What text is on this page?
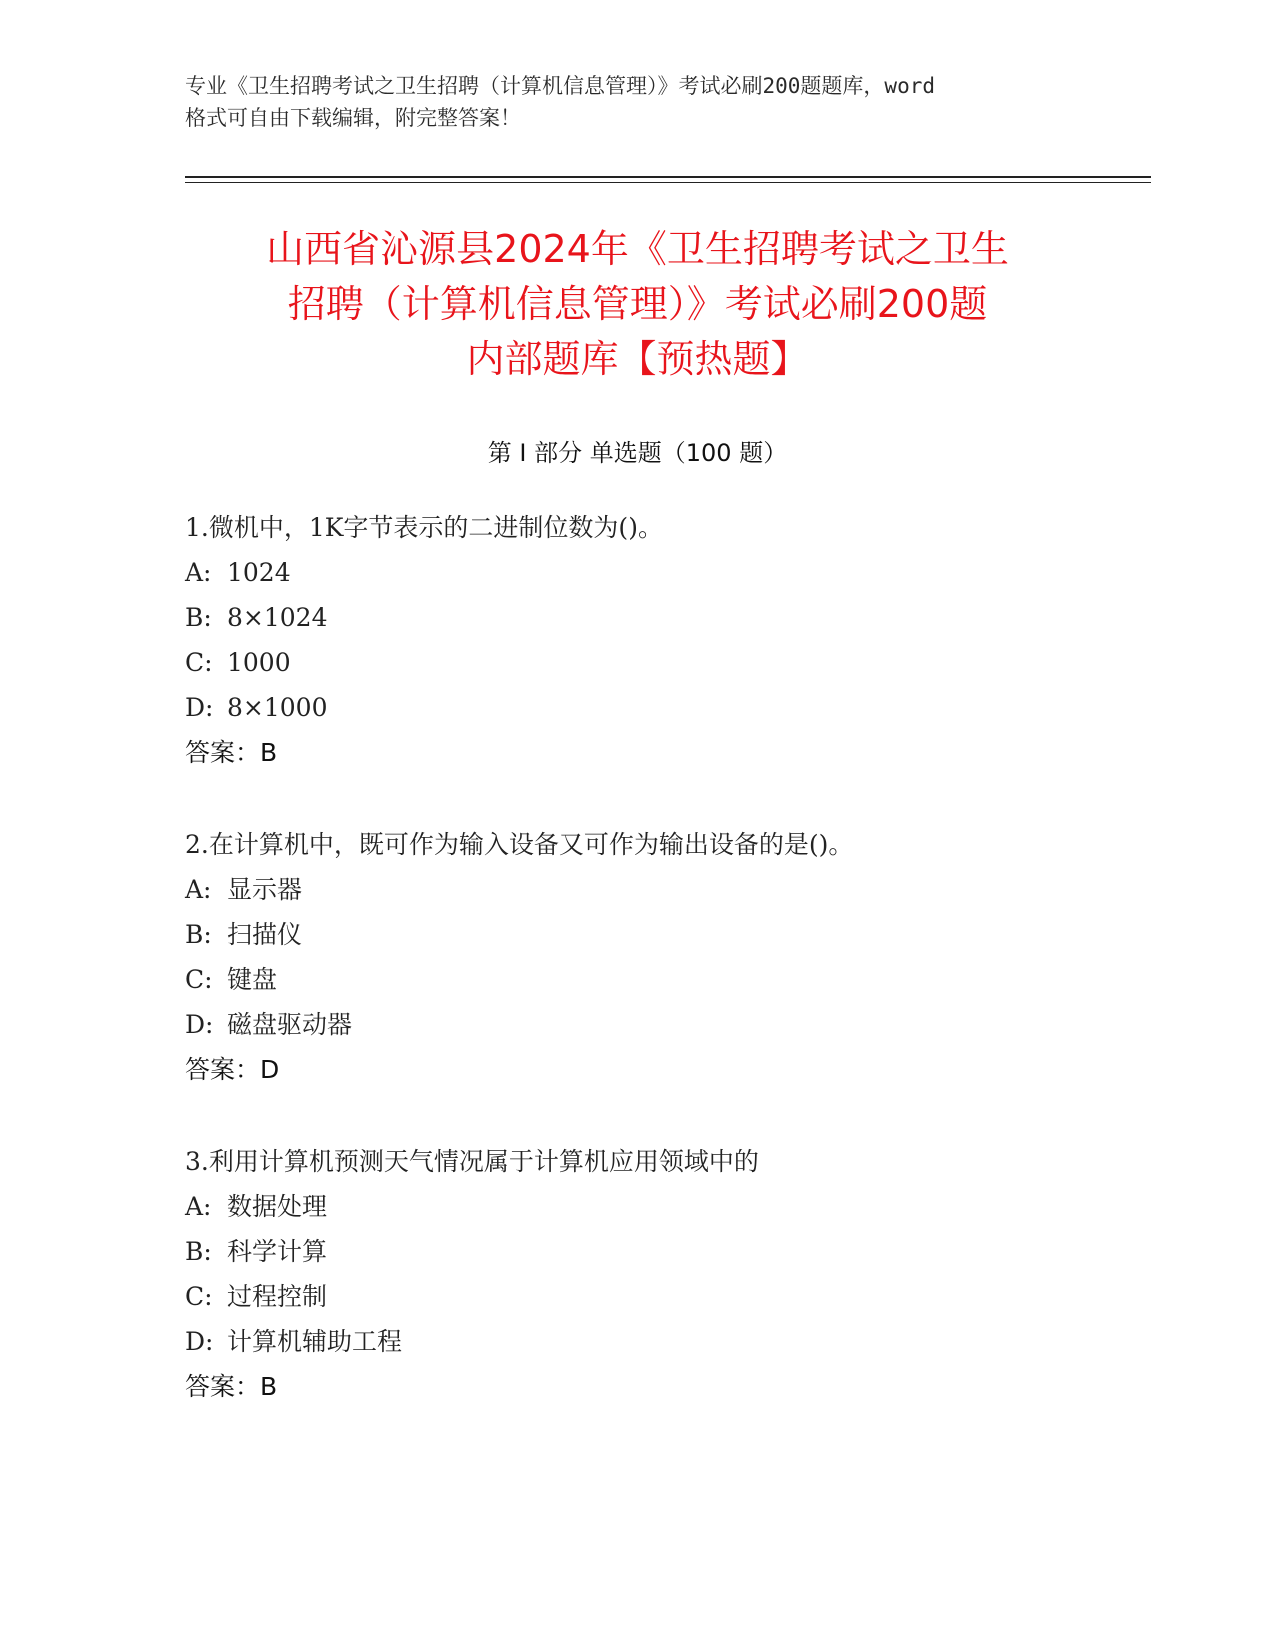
专业《卫生招聘考试之卫生招聘（计算机信息管理）》考试必刷200题题库，word
格式可自由下载编辑，附完整答案！
山西省沁源县2024年《卫生招聘考试之卫生
招聘（计算机信息管理）》考试必刷200题
内部题库【预热题】
第 I 部分 单选题（100 题）
1.微机中，1K字节表示的二进制位数为()。
A: 1024
B: 8×1024
C: 1000
D: 8×1000
答案：B
2.在计算机中，既可作为输入设备又可作为输出设备的是()。
A: 显示器
B: 扫描仪
C: 键盘
D: 磁盘驱动器
答案：D
3.利用计算机预测天气情况属于计算机应用领域中的
A: 数据处理
B: 科学计算
C: 过程控制
D: 计算机辅助工程
答案：B
